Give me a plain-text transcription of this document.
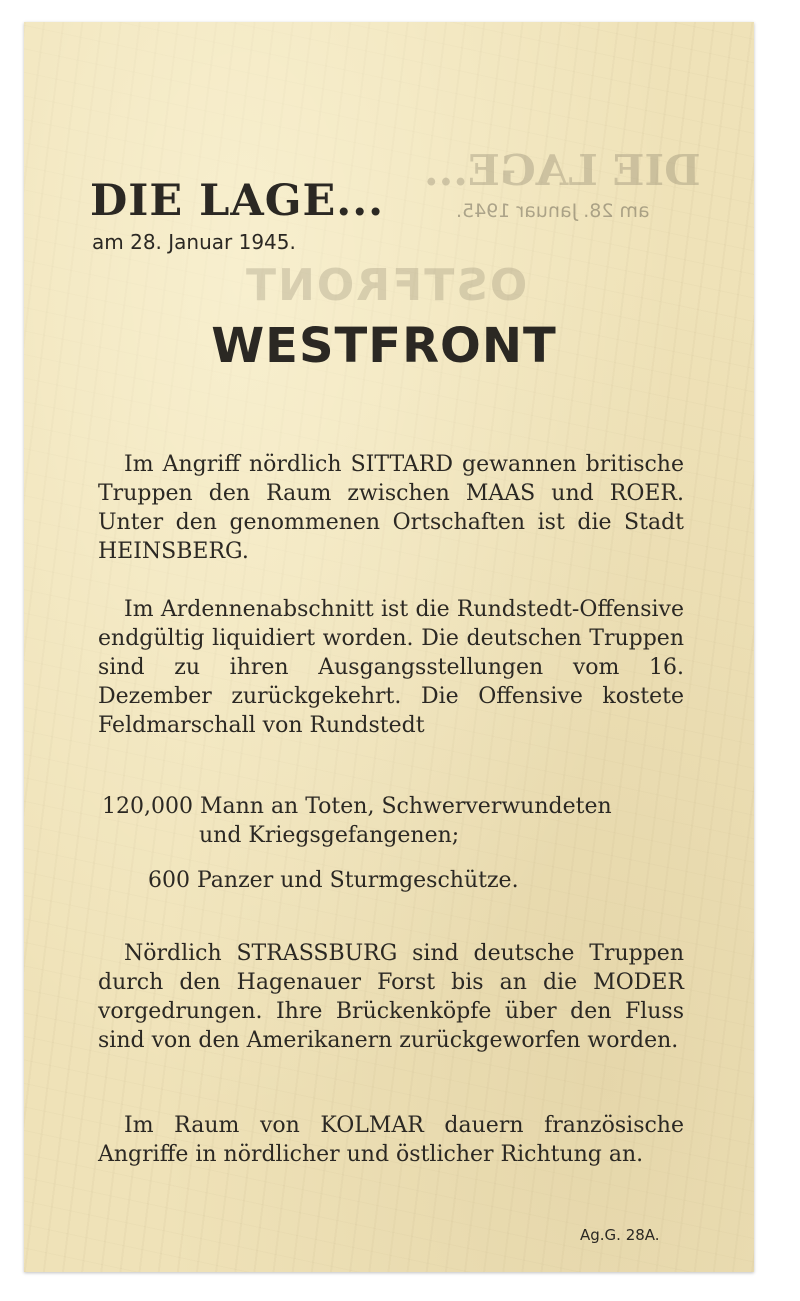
DIE LAGE...
am 28. Januar 1945.
OSTFRONT
DIE LAGE...
am 28. Januar 1945.
WESTFRONT

Im Angriff nördlich SITTARD gewannen britische Truppen den Raum zwischen MAAS und ROER. Unter den genommenen Ortschaften ist die Stadt HEINSBERG.

Im Ardennenabschnitt ist die Rundstedt-Offensive endgültig liquidiert worden. Die deutschen Truppen sind zu ihren Ausgangsstellungen vom 16. Dezember zurückgekehrt. Die Offensive kostete Feldmarschall von Rundstedt

120,000 Mann an Toten, Schwerverwundeten
und Kriegsgefangenen;
600 Panzer und Sturmgeschütze.

Nördlich STRASSBURG sind deutsche Truppen durch den Hagenauer Forst bis an die MODER vorgedrungen. Ihre Brückenköpfe über den Fluss sind von den Amerikanern zurückgeworfen worden.

Im Raum von KOLMAR dauern französische Angriffe in nördlicher und östlicher Richtung an.

Ag.G. 28A.
